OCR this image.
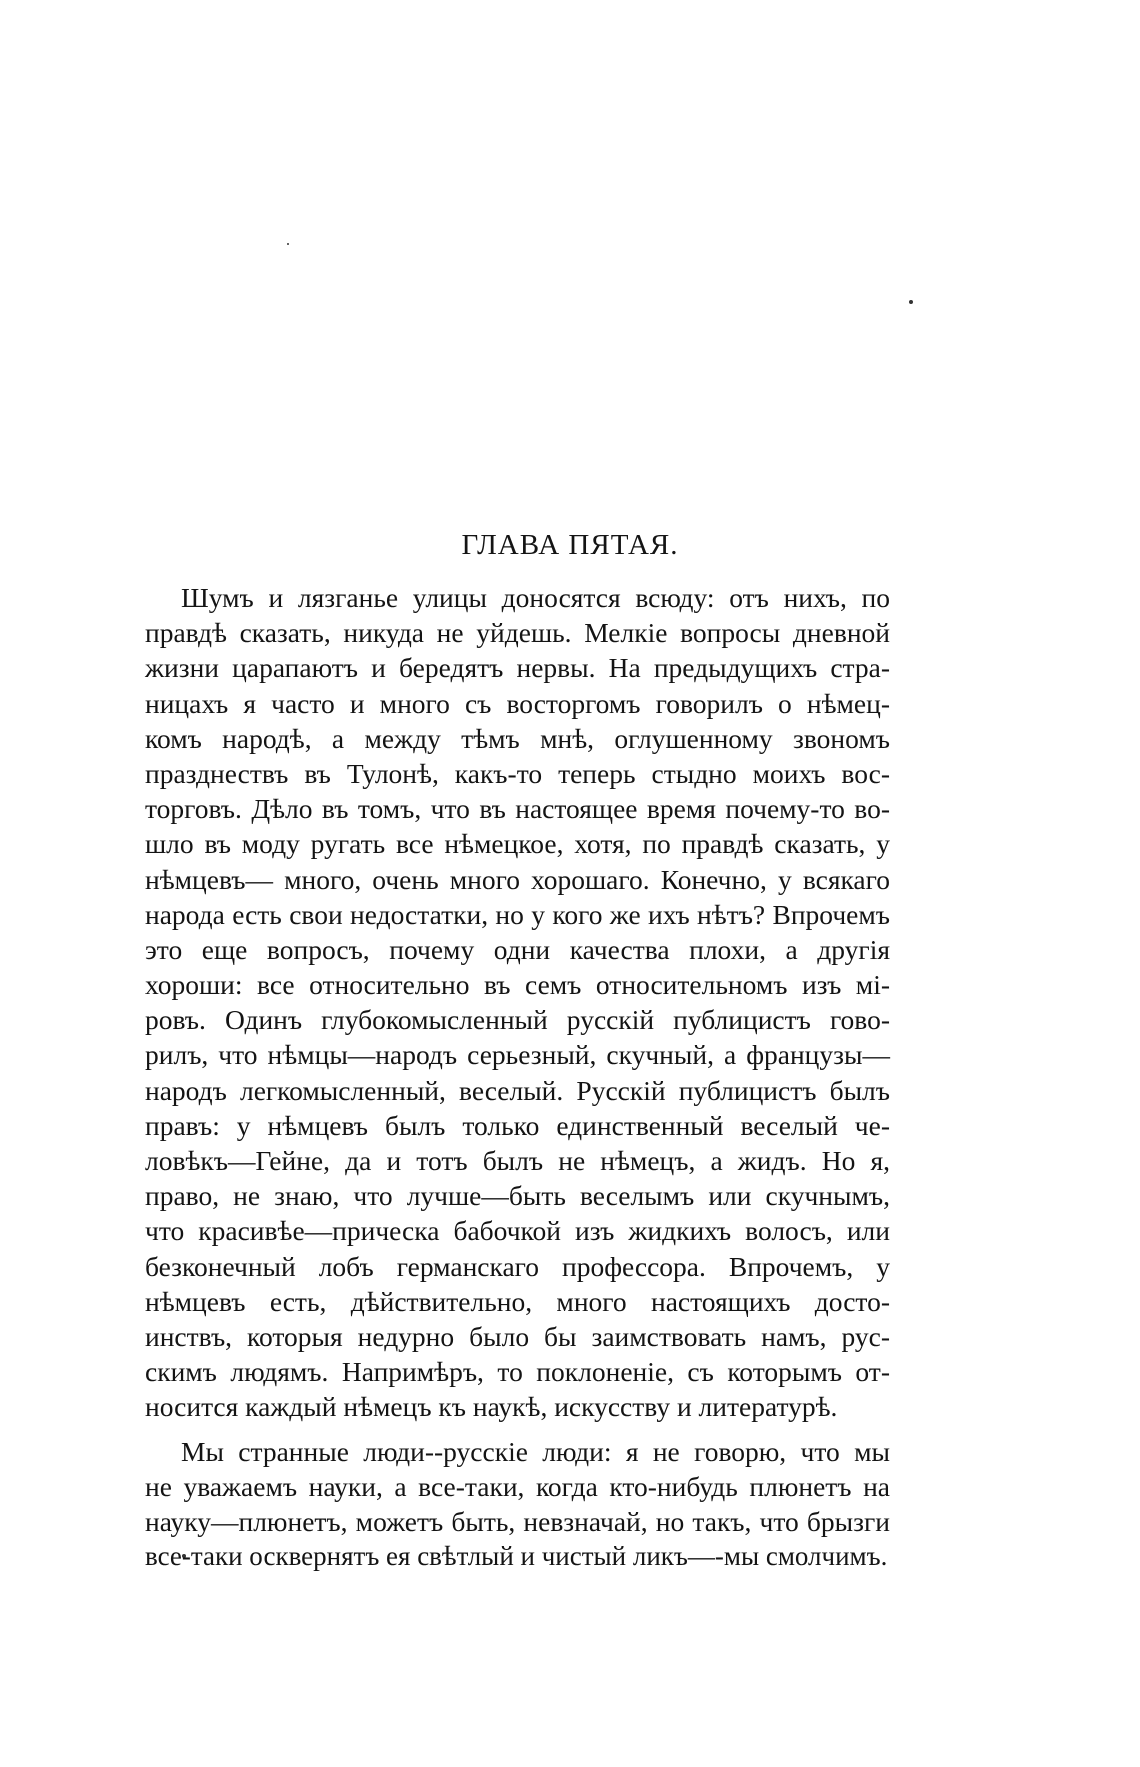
ГЛАВА ПЯТАЯ.
Шумъ и лязганье улицы доносятся всюду: отъ нихъ, по
правдѣ сказать, никуда не уйдешь. Мелкіе вопросы дневной
жизни царапаютъ и бередятъ нервы. На предыдущихъ стра-
ницахъ я часто и много съ восторгомъ говорилъ о нѣмец-
комъ народѣ, а между тѣмъ мнѣ, оглушенному звономъ
празднествъ въ Тулонѣ, какъ-то теперь стыдно моихъ вос-
торговъ. Дѣло въ томъ, что въ настоящее время почему-то во-
шло въ моду ругать все нѣмецкое, хотя, по правдѣ сказать, у
нѣмцевъ— много, очень много хорошаго. Конечно, у всякаго
народа есть свои недостатки, но у кого же ихъ нѣтъ? Впрочемъ
это еще вопросъ, почему одни качества плохи, а другія
хороши: все относительно въ семъ относительномъ изъ мі-
ровъ. Одинъ глубокомысленный русскій публицистъ гово-
рилъ, что нѣмцы—народъ серьезный, скучный, а французы—
народъ легкомысленный, веселый. Русскій публицистъ былъ
правъ: у нѣмцевъ былъ только единственный веселый че-
ловѣкъ—Гейне, да и тотъ былъ не нѣмецъ, а жидъ. Но я,
право, не знаю, что лучше—быть веселымъ или скучнымъ,
что красивѣе—прическа бабочкой изъ жидкихъ волосъ, или
безконечный лобъ германскаго профессора. Впрочемъ, у
нѣмцевъ есть, дѣйствительно, много настоящихъ досто-
инствъ, которыя недурно было бы заимствовать намъ, рус-
скимъ людямъ. Напримѣръ, то поклоненіе, съ которымъ от-
носится каждый нѣмецъ къ наукѣ, искусству и литературѣ.
Мы странные люди--русскіе люди: я не говорю, что мы
не уважаемъ науки, а все-таки, когда кто-нибудь плюнетъ на
науку—плюнетъ, можетъ быть, невзначай, но такъ, что брызги
все-таки осквернятъ ея свѣтлый и чистый ликъ—-мы смолчимъ.
